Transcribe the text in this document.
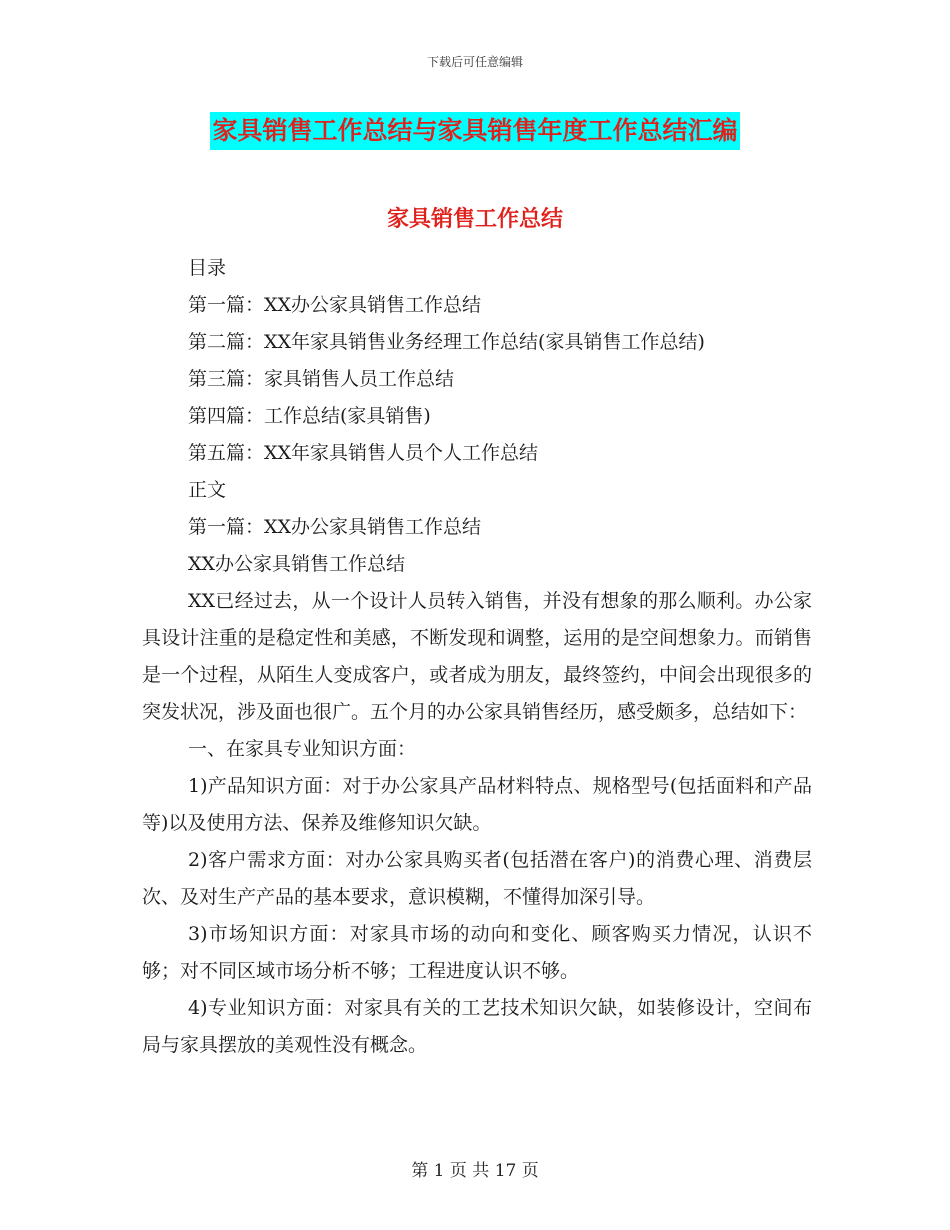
下载后可任意编辑
家具销售工作总结与家具销售年度工作总结汇编
家具销售工作总结

目录

第一篇：XX办公家具销售工作总结

第二篇：XX年家具销售业务经理工作总结(家具销售工作总结)

第三篇：家具销售人员工作总结

第四篇：工作总结(家具销售)

第五篇：XX年家具销售人员个人工作总结

正文

第一篇：XX办公家具销售工作总结

XX办公家具销售工作总结

XX已经过去，从一个设计人员转入销售，并没有想象的那么顺利。办公家具设计注重的是稳定性和美感，不断发现和调整，运用的是空间想象力。而销售是一个过程，从陌生人变成客户，或者成为朋友，最终签约，中间会出现很多的突发状况，涉及面也很广。五个月的办公家具销售经历，感受颇多，总结如下：

一、在家具专业知识方面：

1)产品知识方面：对于办公家具产品材料特点、规格型号(包括面料和产品等)以及使用方法、保养及维修知识欠缺。

2)客户需求方面：对办公家具购买者(包括潜在客户)的消费心理、消费层次、及对生产产品的基本要求，意识模糊，不懂得加深引导。

3)市场知识方面：对家具市场的动向和变化、顾客购买力情况，认识不够；对不同区域市场分析不够；工程进度认识不够。

4)专业知识方面：对家具有关的工艺技术知识欠缺，如装修设计，空间布局与家具摆放的美观性没有概念。

第 1 页 共 17 页
